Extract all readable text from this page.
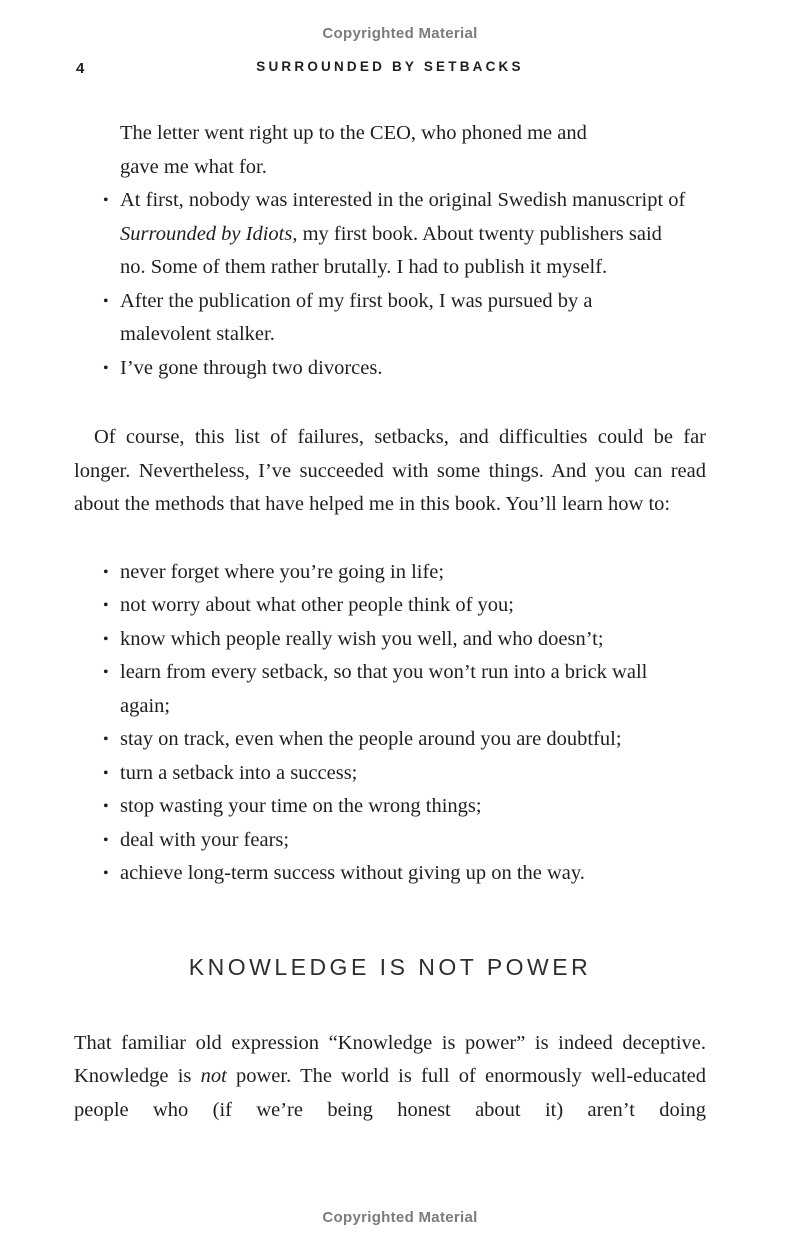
Copyrighted Material
4	SURROUNDED BY SETBACKS
The letter went right up to the CEO, who phoned me and gave me what for.
• At first, nobody was interested in the original Swedish manuscript of Surrounded by Idiots, my first book. About twenty publishers said no. Some of them rather brutally. I had to publish it myself.
• After the publication of my first book, I was pursued by a malevolent stalker.
• I’ve gone through two divorces.

Of course, this list of failures, setbacks, and difficulties could be far longer. Nevertheless, I’ve succeeded with some things. And you can read about the methods that have helped me in this book. You’ll learn how to:

• never forget where you’re going in life;
• not worry about what other people think of you;
• know which people really wish you well, and who doesn’t;
• learn from every setback, so that you won’t run into a brick wall again;
• stay on track, even when the people around you are doubtful;
• turn a setback into a success;
• stop wasting your time on the wrong things;
• deal with your fears;
• achieve long-term success without giving up on the way.
KNOWLEDGE IS NOT POWER

That familiar old expression “Knowledge is power” is indeed deceptive. Knowledge is not power. The world is full of enormously well-educated people who (if we’re being honest about it) aren’t doing

Copyrighted Material
